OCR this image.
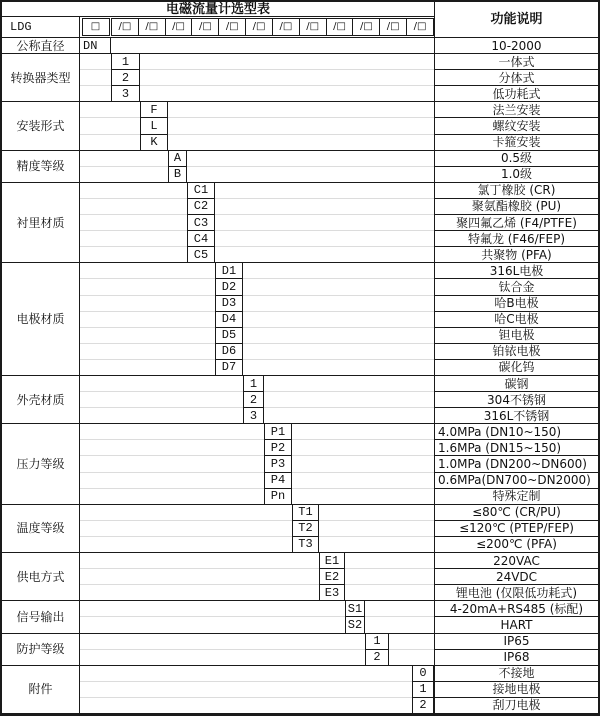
电磁流量计选型表
功能说明
LDG	□	/□	/□	/□	/□	/□	/□	/□	/□	/□	/□	/□	/□
公称直径	DN	10-2000
转换器类型
1	一体式
2	分体式
3	低功耗式
安装形式
F	法兰安装
L	螺纹安装
K	卡箍安装
精度等级
A	0.5级
B	1.0级
衬里材质
C1	氯丁橡胶 (CR)
C2	聚氨酯橡胶 (PU)
C3	聚四氟乙烯 (F4/PTFE)
C4	特氟龙 (F46/FEP)
C5	共聚物 (PFA)
电极材质
D1	316L电极
D2	钛合金
D3	哈B电极
D4	哈C电极
D5	钽电极
D6	铂铱电极
D7	碳化钨
外壳材质
1	碳钢
2	304不锈钢
3	316L不锈钢
压力等级
P1	4.0MPa (DN10~150)
P2	1.6MPa (DN15~150)
P3	1.0MPa (DN200~DN600)
P4	0.6MPa(DN700~DN2000)
Pn	特殊定制
温度等级
T1	≤80℃ (CR/PU)
T2	≤120℃ (PTEP/FEP)
T3	≤200℃ (PFA)
供电方式
E1	220VAC
E2	24VDC
E3	锂电池 (仅限低功耗式)
信号输出
S1	4-20mA+RS485 (标配)
S2	HART
防护等级
1	IP65
2	IP68
附件
0	不接地
1	接地电极
2	刮刀电极
